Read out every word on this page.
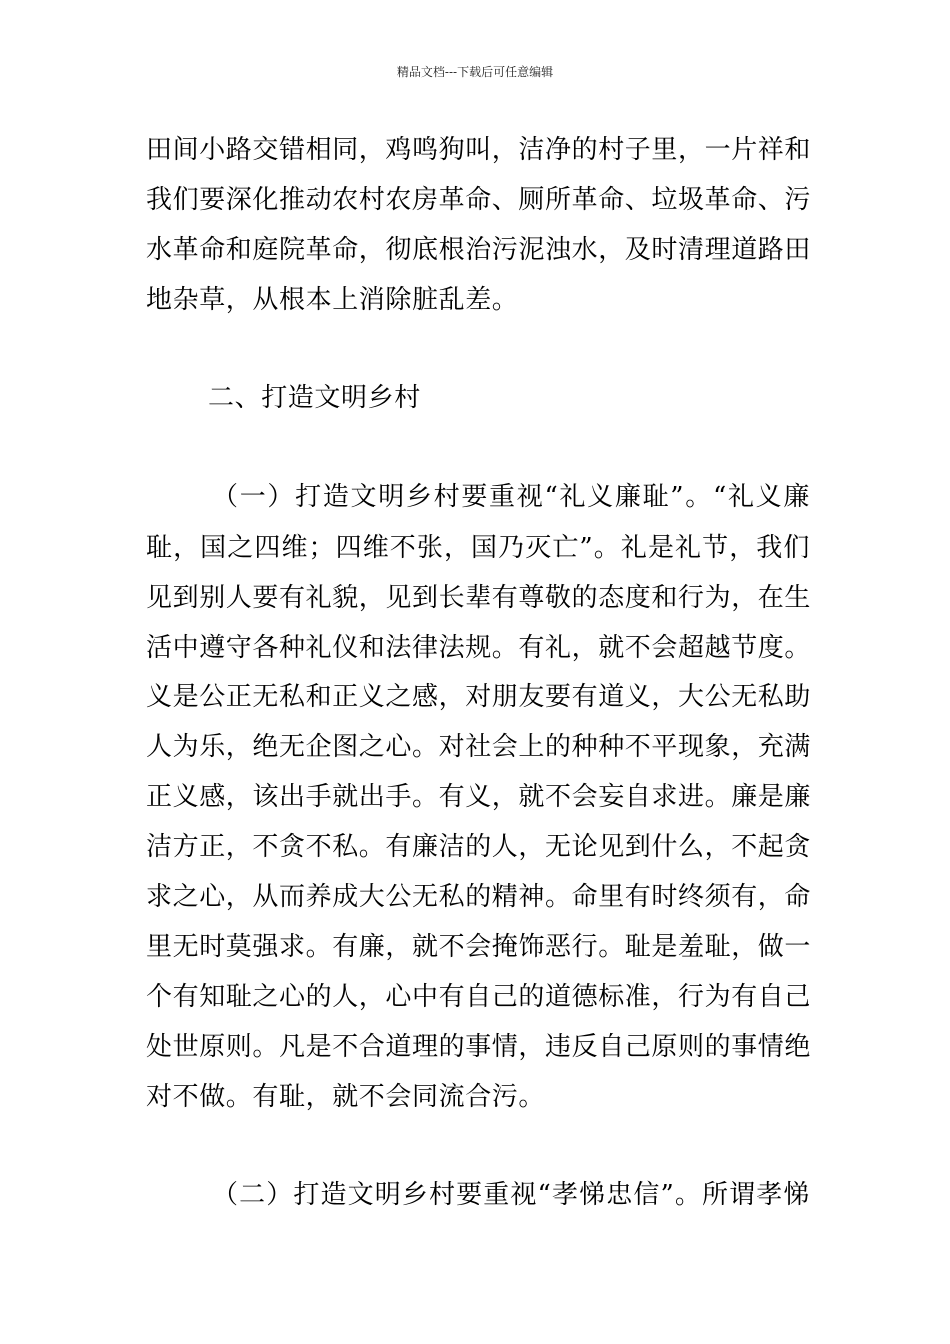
精品文档---下载后可任意编辑
田间小路交错相同，鸡鸣狗叫，洁净的村子里，一片祥和
我们要深化推动农村农房革命、厕所革命、垃圾革命、污
水革命和庭院革命，彻底根治污泥浊水，及时清理道路田
地杂草，从根本上消除脏乱差。
二、打造文明乡村
（一）打造文明乡村要重视“礼义廉耻”。“礼义廉
耻，国之四维；四维不张，国乃灭亡”。礼是礼节，我们
见到别人要有礼貌，见到长辈有尊敬的态度和行为，在生
活中遵守各种礼仪和法律法规。有礼，就不会超越节度。
义是公正无私和正义之感，对朋友要有道义，大公无私助
人为乐，绝无企图之心。对社会上的种种不平现象，充满
正义感，该出手就出手。有义，就不会妄自求进。廉是廉
洁方正，不贪不私。有廉洁的人，无论见到什么，不起贪
求之心，从而养成大公无私的精神。命里有时终须有，命
里无时莫强求。有廉，就不会掩饰恶行。耻是羞耻，做一
个有知耻之心的人，心中有自己的道德标准，行为有自己
处世原则。凡是不合道理的事情，违反自己原则的事情绝
对不做。有耻，就不会同流合污。
（二）打造文明乡村要重视“孝悌忠信”。所谓孝悌
